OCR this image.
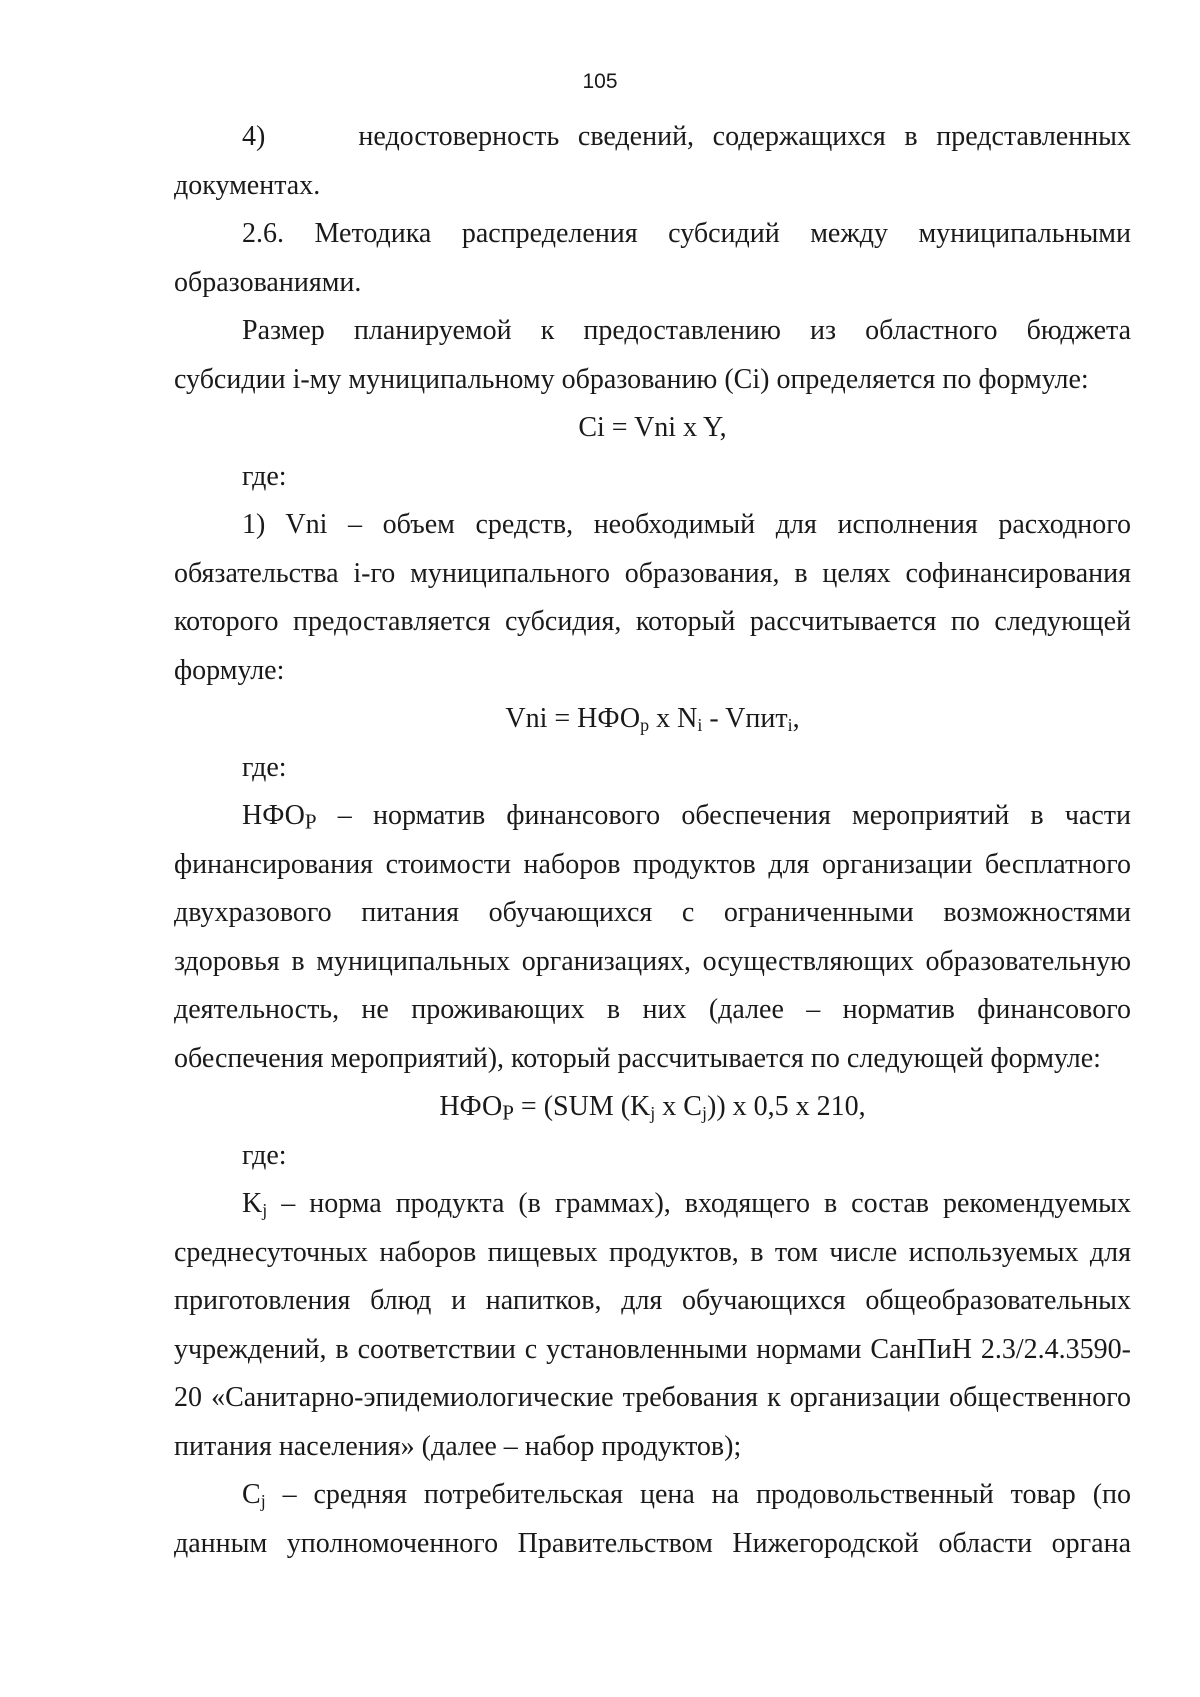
105

4)     недостоверность сведений, содержащихся в представленных

документах.

2.6. Методика распределения субсидий между муниципальными

образованиями.

Размер планируемой к предоставлению из областного бюджета

субсидии i-му муниципальному образованию (Ci) определяется по формуле:

Ci = Vni x Y,

где:

1) Vni – объем средств, необходимый для исполнения расходного

обязательства i-го муниципального образования, в целях софинансирования

которого предоставляется субсидия, который рассчитывается по следующей

формуле:

Vni = $НФО_р$ x $N_i$ - Vпит$_i$,

где:

$НФО_Р$ – норматив финансового обеспечения мероприятий в части

финансирования стоимости наборов продуктов для организации бесплатного

двухразового питания обучающихся с ограниченными возможностями

здоровья в муниципальных организациях, осуществляющих образовательную

деятельность, не проживающих в них (далее – норматив финансового

обеспечения мероприятий), который рассчитывается по следующей формуле:

$НФО_Р = (SUM$ ($K_j$ x $C_j$)) x 0,5 x 210,

где:

$K_j$ – норма продукта (в граммах), входящего в состав рекомендуемых

среднесуточных наборов пищевых продуктов, в том числе используемых для

приготовления блюд и напитков, для обучающихся общеобразовательных

учреждений, в соответствии с установленными нормами СанПиН 2.3/2.4.3590-

20 «Санитарно-эпидемиологические требования к организации общественного

питания населения» (далее – набор продуктов);

$C_j$ – средняя потребительская цена на продовольственный товар (по

данным уполномоченного Правительством Нижегородской области органа
